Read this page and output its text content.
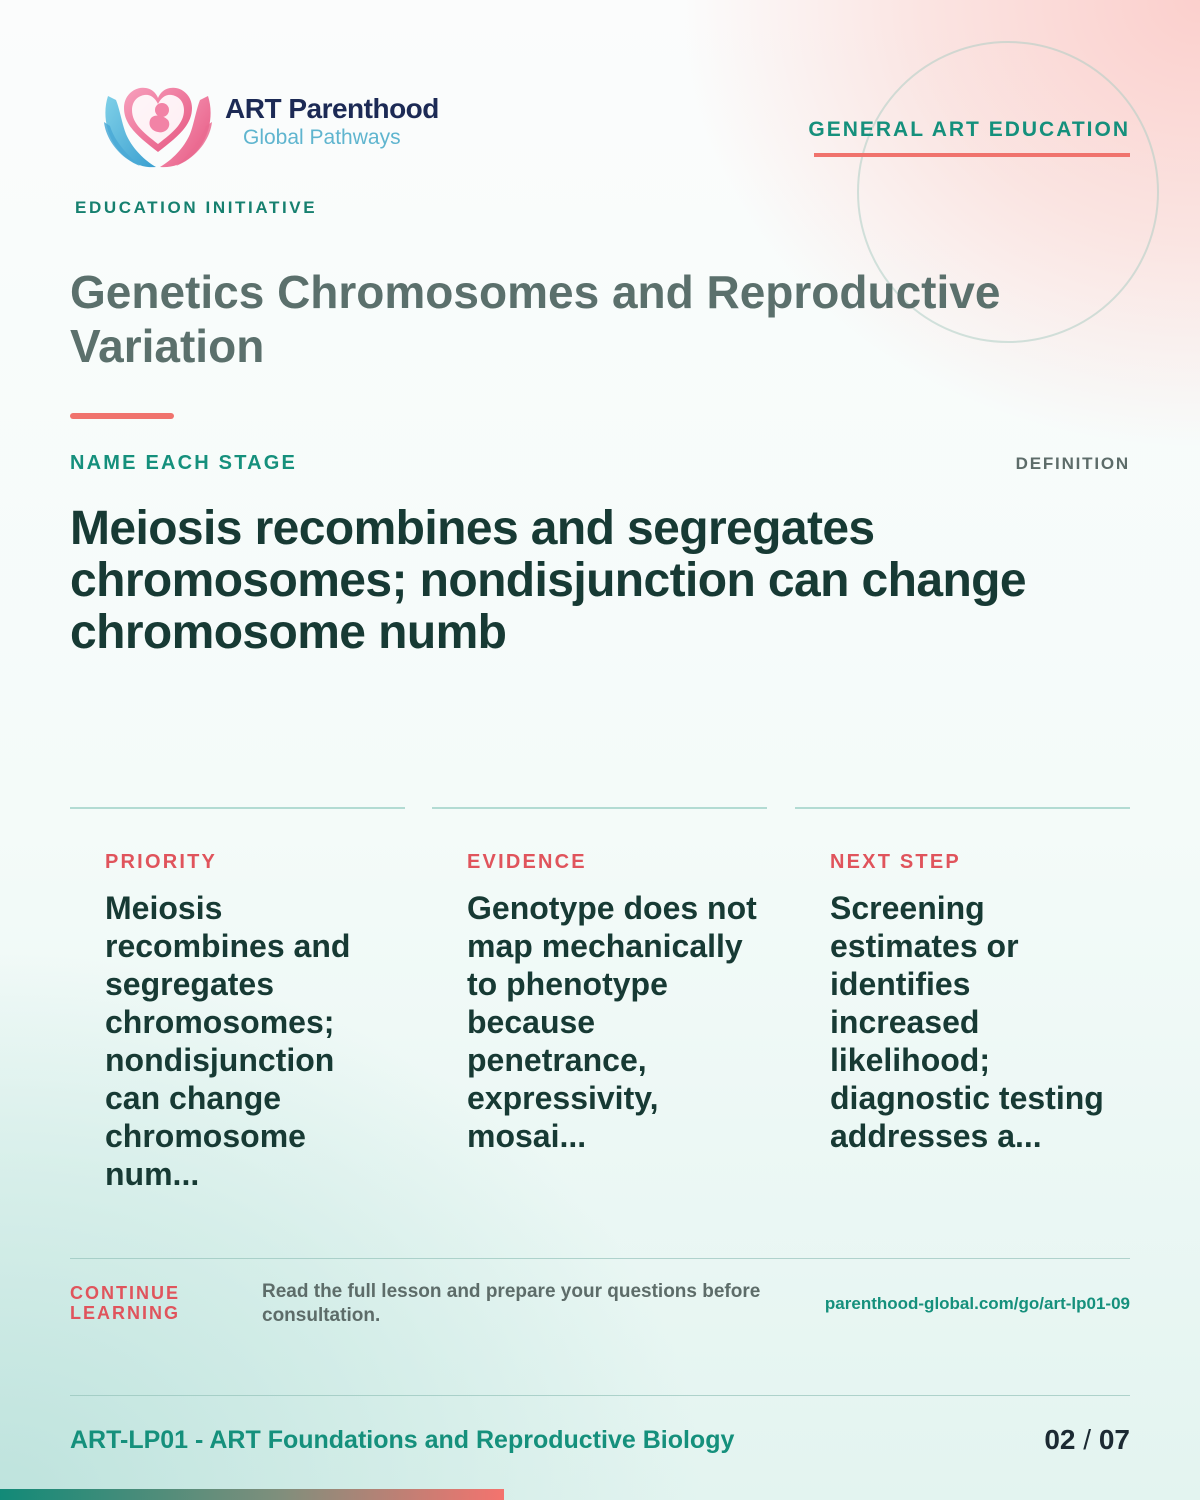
ART Parenthood
Global Pathways
EDUCATION INITIATIVE
GENERAL ART EDUCATION
Genetics Chromosomes and Reproductive Variation
NAME EACH STAGE	DEFINITION

Meiosis recombines and segregates chromosomes; nondisjunction can change chromosome numb

PRIORITY

Meiosis recombines and segregates chromosomes; nondisjunction can change chromosome num...

EVIDENCE

Genotype does not map mechanically to phenotype because penetrance, expressivity, mosai...

NEXT STEP

Screening estimates or identifies increased likelihood; diagnostic testing addresses a...

CONTINUE LEARNING

Read the full lesson and prepare your questions before consultation.

parenthood-global.com/go/art-lp01-09
ART-LP01 - ART Foundations and Reproductive Biology	02 / 07
